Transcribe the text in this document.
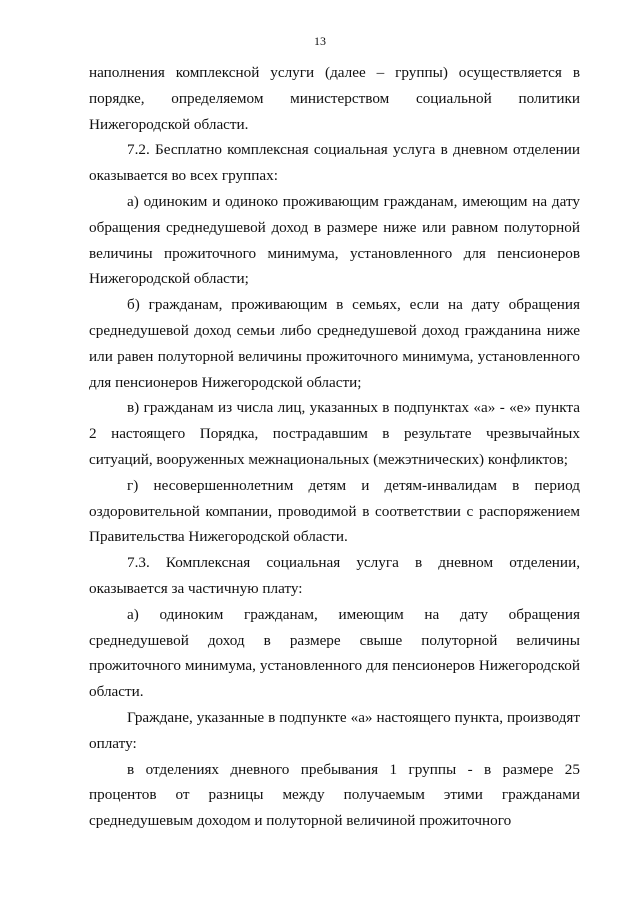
13

наполнения комплексной услуги (далее – группы) осуществляется в порядке, определяемом министерством социальной политики Нижегородской области.

7.2. Бесплатно комплексная социальная услуга в дневном отделении оказывается во всех группах:

а) одиноким и одиноко проживающим гражданам, имеющим на дату обращения среднедушевой доход в размере ниже или равном полуторной величины прожиточного минимума, установленного для пенсионеров Нижегородской области;

б) гражданам, проживающим в семьях, если на дату обращения среднедушевой доход семьи либо среднедушевой доход гражданина ниже или равен полуторной величины прожиточного минимума, установленного для пенсионеров Нижегородской области;

в) гражданам из числа лиц, указанных в подпунктах «а» - «е» пункта 2 настоящего Порядка, пострадавшим в результате чрезвычайных ситуаций, вооруженных межнациональных (межэтнических) конфликтов;

г) несовершеннолетним детям и детям-инвалидам в период оздоровительной компании, проводимой в соответствии с распоряжением Правительства Нижегородской области.

7.3. Комплексная социальная услуга в дневном отделении, оказывается за частичную плату:

а) одиноким гражданам, имеющим на дату обращения среднедушевой доход в размере свыше полуторной величины прожиточного минимума, установленного для пенсионеров Нижегородской области.

Граждане, указанные в подпункте «а» настоящего пункта, производят оплату:

в отделениях дневного пребывания 1 группы - в размере 25 процентов от разницы между получаемым этими гражданами среднедушевым доходом и полуторной величиной прожиточного
